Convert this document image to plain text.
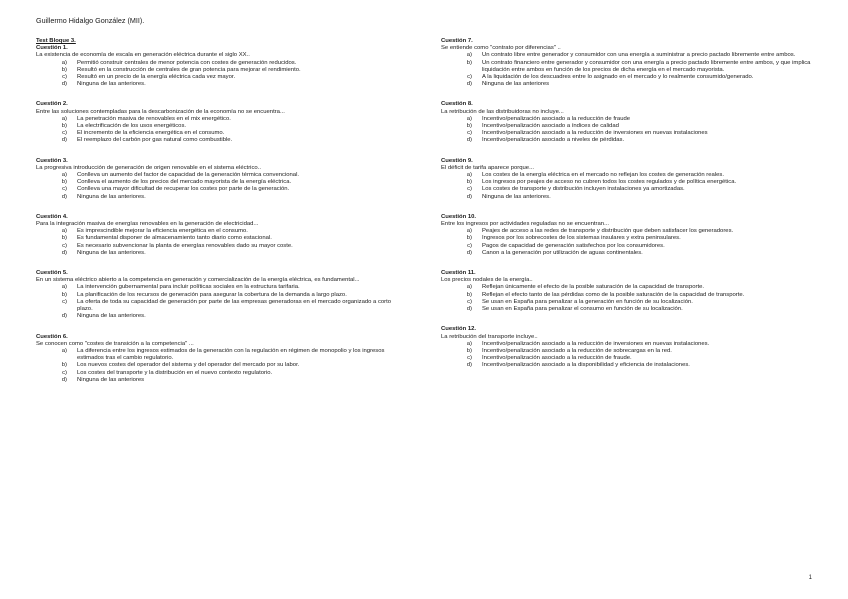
Guillermo Hidalgo González (MII).
Test Bloque 3.
Cuestión 1.
La existencia de economía de escala en generación eléctrica durante el siglo XX..
a)	Permitió construir centrales de menor potencia con costes de generación reducidos.
b)	Resultó en la construcción de centrales de gran potencia para mejorar el rendimiento.
c)	Resultó en un precio de la energía eléctrica cada vez mayor.
d)	Ninguna de las anteriores.
Cuestión 2.
Entre las soluciones contempladas para la descarbonización de la economía no se encuentra...
a)	La penetración masiva de renovables en el mix energético.
b)	La electrificación de los usos energéticos.
c)	El incremento de la eficiencia energética en el consumo.
d)	El reemplazo del carbón por gas natural como combustible.
Cuestión 3.
La progresiva introducción de generación de origen renovable en el sistema eléctrico..
a)	Conlleva un aumento del factor de capacidad de la generación térmica convencional.
b)	Conlleva el aumento de los precios del mercado mayorista de la energía eléctrica.
c)	Conlleva una mayor dificultad de recuperar los costes por parte de la generación.
d)	Ninguna de las anteriores.
Cuestión 4.
Para la integración masiva de energías renovables en la generación de electricidad...
a)	Es imprescindible mejorar la eficiencia energética en el consumo.
b)	Es fundamental disponer de almacenamiento tanto diario como estacional.
c)	Es necesario subvencionar la planta de energías renovables dado su mayor coste.
d)	Ninguna de las anteriores.
Cuestión 5.
En un sistema eléctrico abierto a la competencia en generación y comercialización de la energía eléctrica, es fundamental...
a)	La intervención gubernamental para incluir políticas sociales en la estructura tarifaria.
b)	La planificación de los recursos de generación para asegurar la cobertura de la demanda a largo plazo.
c)	La oferta de toda su capacidad de generación por parte de las empresas generadoras en el mercado organizado a corto plazo.
d)	Ninguna de las anteriores.
Cuestión 6.
Se conocen como "costes de transición a la competencia" ...
a)	La diferencia entre los ingresos estimados de la generación con la regulación en régimen de monopolio y los ingresos estimados tras el cambio regulatorio.
b)	Los nuevos costes del operador del sistema y del operador del mercado por su labor.
c)	Los costes del transporte y la distribución en el nuevo contexto regulatorio.
d)	Ninguna de las anteriores
Cuestión 7.
Se entiende como "contrato por diferencias" ..
a)	Un contrato libre entre generador y consumidor con una energía a suministrar a precio pactado libremente entre ambos.
b)	Un contrato financiero entre generador y consumidor con una energía a precio pactado libremente entre ambos, y que implica liquidación entre ambos en función de los precios de dicha energía en el mercado mayorista.
c)	A la liquidación de los descuadres entre lo asignado en el mercado y lo realmente consumido/generado.
d)	Ninguna de las anteriores
Cuestión 8.
La retribución de las distribuidoras no incluye...
a)	Incentivo/penalización asociado a la reducción de fraude
b)	Incentivo/penalización asociado a índices de calidad
c)	Incentivo/penalización asociado a la reducción de inversiones en nuevas instalaciones
d)	Incentivo/penalización asociado a niveles de pérdidas.
Cuestión 9.
El déficit de tarifa aparece porque...
a)	Los costes de la energía eléctrica en el mercado no reflejan los costes de generación reales.
b)	Los ingresos por peajes de acceso no cubren todos los costes regulados y de política energética.
c)	Los costes de transporte y distribución incluyen instalaciones ya amortizadas.
d)	Ninguna de las anteriores.
Cuestión 10.
Entre los ingresos por actividades reguladas no se encuentran...
a)	Peajes de acceso a las redes de transporte y distribución que deben satisfacer los generadores.
b)	Ingresos por los sobrecostes de los sistemas insulares y extra peninsulares.
c)	Pagos de capacidad de generación satisfechos por los consumidores.
d)	Canon a la generación por utilización de aguas continentales.
Cuestión 11.
Los precios nodales de la energía..
a)	Reflejan únicamente el efecto de la posible saturación de la capacidad de transporte.
b)	Reflejan el efecto tanto de las pérdidas como de la posible saturación de la capacidad de transporte.
c)	Se usan en España para penalizar a la generación en función de su localización.
d)	Se usan en España para penalizar el consumo en función de su localización.
Cuestión 12.
La retribución del transporte incluye..
a)	Incentivo/penalización asociado a la reducción de inversiones en nuevas instalaciones.
b)	Incentivo/penalización asociado a la reducción de sobrecargas en la red.
c)	Incentivo/penalización asociado a la reducción de fraude.
d)	Incentivo/penalización asociado a la disponibilidad y eficiencia de instalaciones.
1
